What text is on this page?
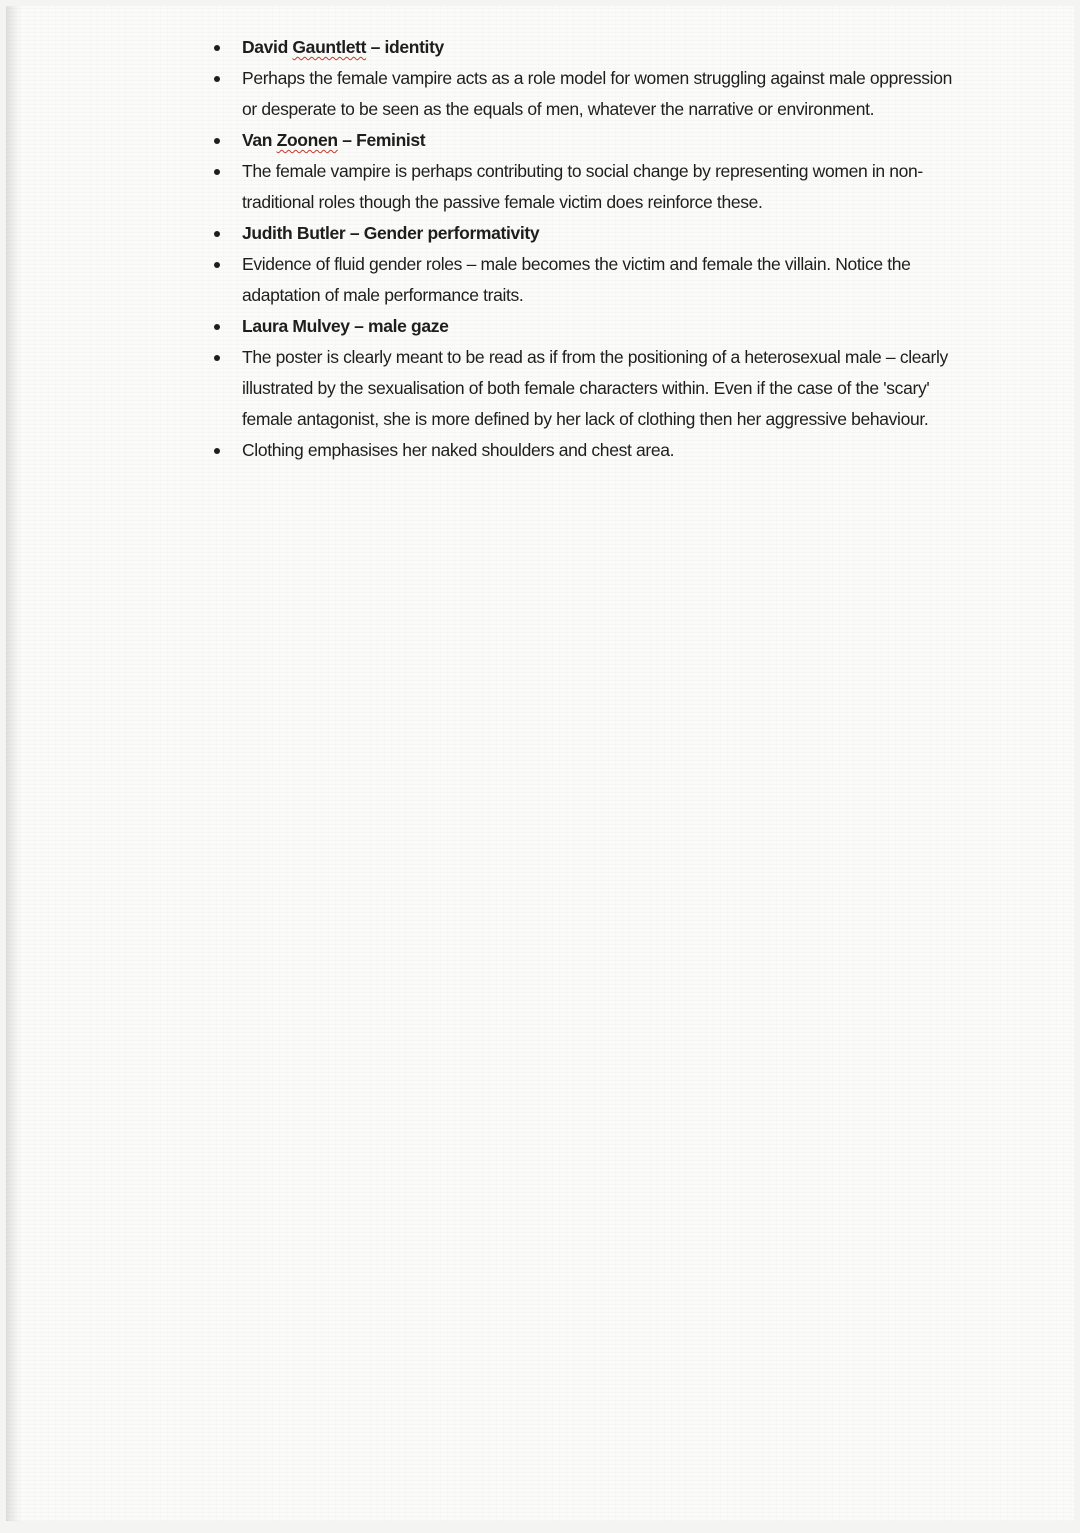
David Gauntlett – identity
Perhaps the female vampire acts as a role model for women struggling against male oppression or desperate to be seen as the equals of men, whatever the narrative or environment.
Van Zoonen – Feminist
The female vampire is perhaps contributing to social change by representing women in non-traditional roles though the passive female victim does reinforce these.
Judith Butler – Gender performativity
Evidence of fluid gender roles – male becomes the victim and female the villain. Notice the adaptation of male performance traits.
Laura Mulvey – male gaze
The poster is clearly meant to be read as if from the positioning of a heterosexual male – clearly illustrated by the sexualisation of both female characters within. Even if the case of the 'scary' female antagonist, she is more defined by her lack of clothing then her aggressive behaviour.
Clothing emphasises her naked shoulders and chest area.
